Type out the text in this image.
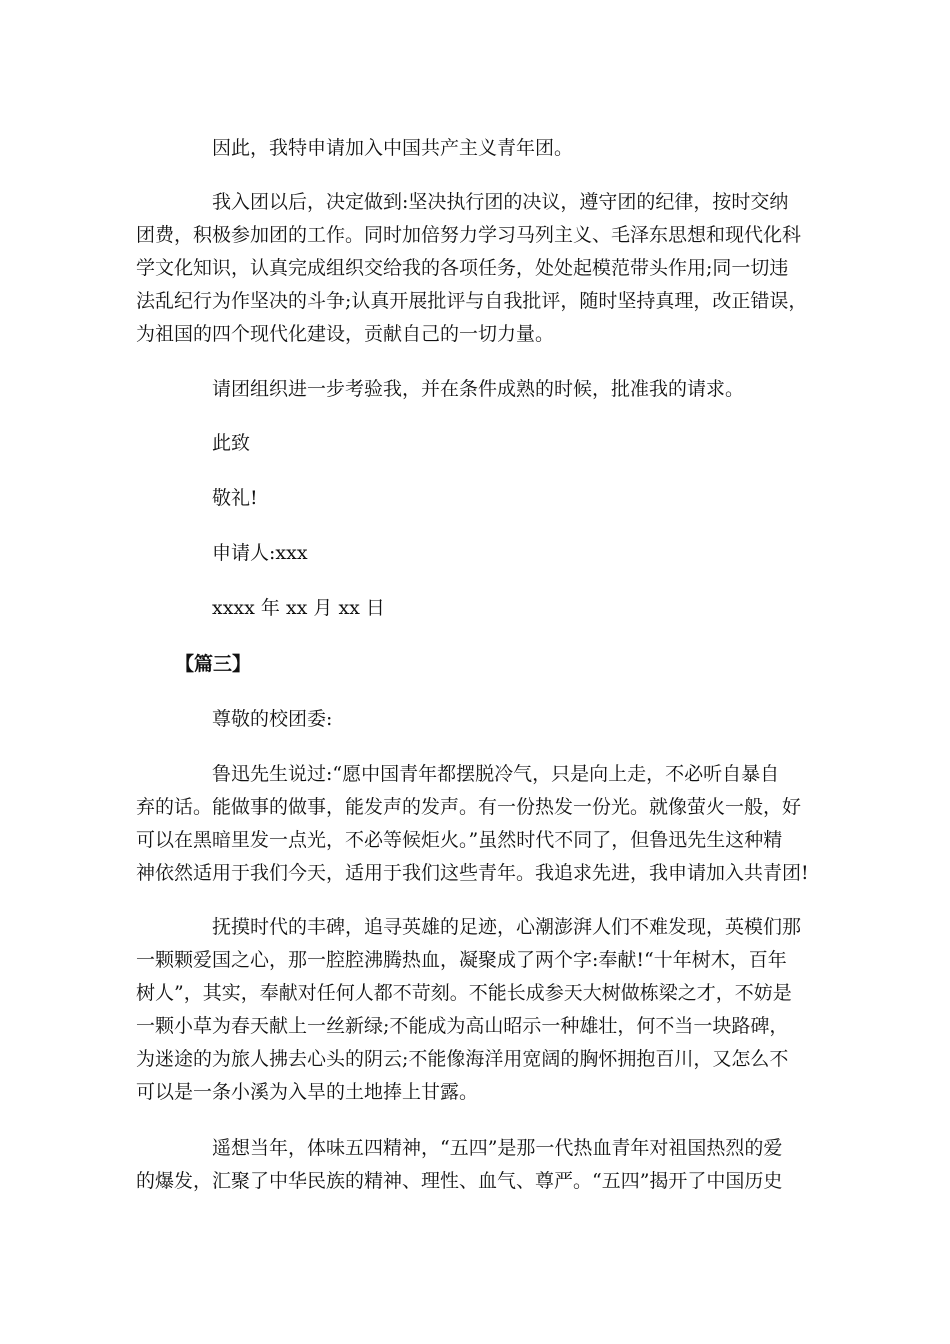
因此，我特申请加入中国共产主义青年团。

我入团以后，决定做到:坚决执行团的决议，遵守团的纪律，按时交纳
团费，积极参加团的工作。同时加倍努力学习马列主义、毛泽东思想和现代化科
学文化知识，认真完成组织交给我的各项任务，处处起模范带头作用;同一切违
法乱纪行为作坚决的斗争;认真开展批评与自我批评，随时坚持真理，改正错误，
为祖国的四个现代化建设，贡献自己的一切力量。

请团组织进一步考验我，并在条件成熟的时候，批准我的请求。

此致

敬礼!

申请人:xxx

xxxx 年 xx 月 xx 日

【篇三】

尊敬的校团委:

鲁迅先生说过:“愿中国青年都摆脱冷气，只是向上走，不必听自暴自
弃的话。能做事的做事，能发声的发声。有一份热发一份光。就像萤火一般，好
可以在黑暗里发一点光，不必等候炬火。”虽然时代不同了，但鲁迅先生这种精
神依然适用于我们今天，适用于我们这些青年。我追求先进，我申请加入共青团!

抚摸时代的丰碑，追寻英雄的足迹，心潮澎湃人们不难发现，英模们那
一颗颗爱国之心，那一腔腔沸腾热血，凝聚成了两个字:奉献!“十年树木，百年
树人”，其实，奉献对任何人都不苛刻。不能长成参天大树做栋梁之才，不妨是
一颗小草为春天献上一丝新绿;不能成为高山昭示一种雄壮，何不当一块路碑，
为迷途的为旅人拂去心头的阴云;不能像海洋用宽阔的胸怀拥抱百川，又怎么不
可以是一条小溪为入旱的土地捧上甘露。

遥想当年，体味五四精神，“五四”是那一代热血青年对祖国热烈的爱
的爆发，汇聚了中华民族的精神、理性、血气、尊严。“五四”揭开了中国历史
